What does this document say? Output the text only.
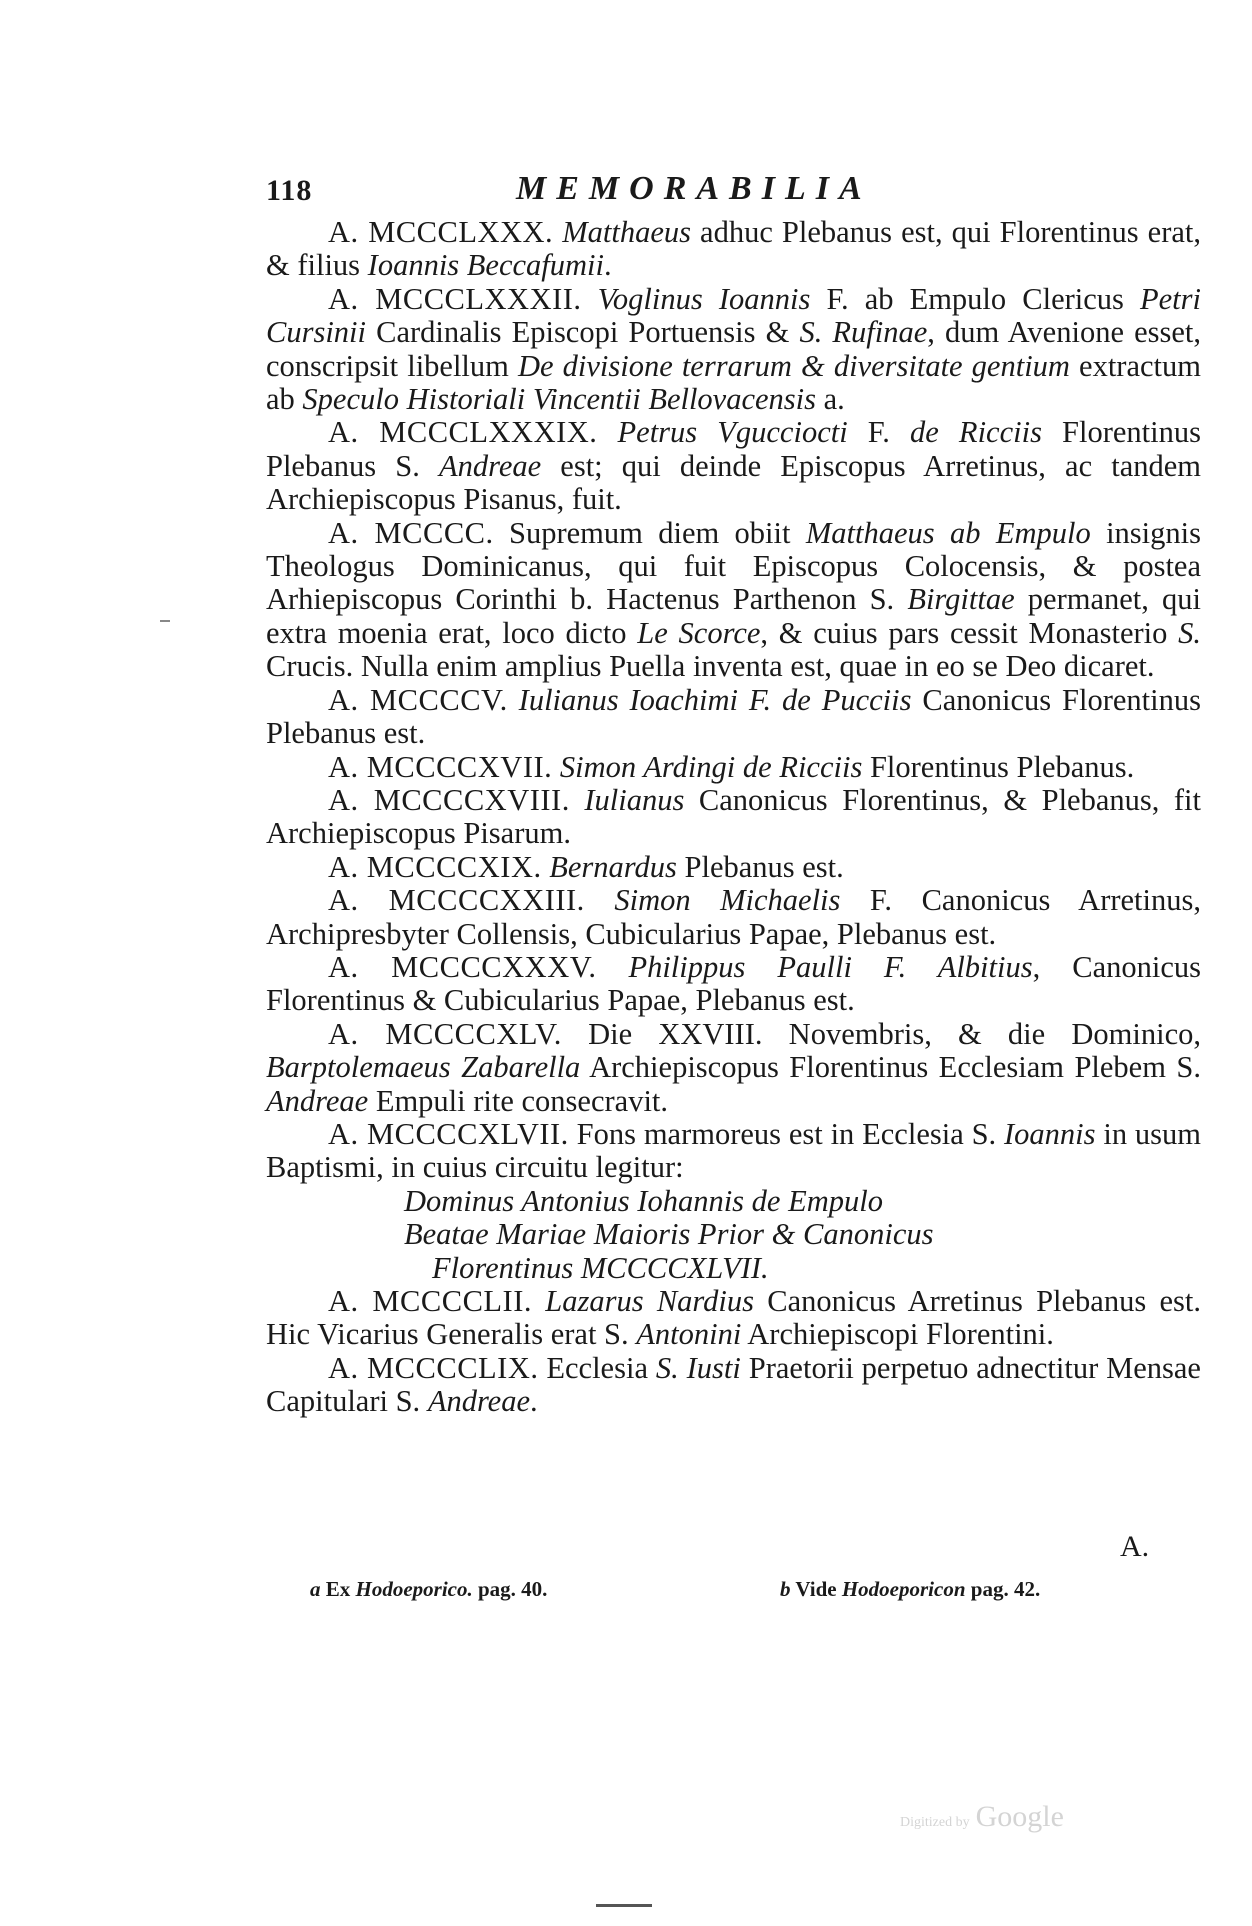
118	MEMORABILIA

A. MCCCLXXX. Matthaeus adhuc Plebanus est, qui Florentinus erat, & filius Ioannis Beccafumii.

A. MCCCLXXXII. Voglinus Ioannis F. ab Empulo Clericus Petri Cursinii Cardinalis Episcopi Portuensis & S. Rufinae, dum Avenione esset, conscripsit libellum De divisione terrarum & diversitate gentium extractum ab Speculo Historiali Vincentii Bellovacensis a.

A. MCCCLXXXIX. Petrus Vgucciocti F. de Ricciis Florentinus Plebanus S. Andreae est; qui deinde Episcopus Arretinus, ac tandem Archiepiscopus Pisanus, fuit.

A. MCCCC. Supremum diem obiit Matthaeus ab Empulo insignis Theologus Dominicanus, qui fuit Episcopus Colocensis, & postea Arhiepiscopus Corinthi b. Hactenus Parthenon S. Birgittae permanet, qui extra moenia erat, loco dicto Le Scorce, & cuius pars cessit Monasterio S. Crucis. Nulla enim amplius Puella inventa est, quae in eo se Deo dicaret.

A. MCCCCV. Iulianus Ioachimi F. de Pucciis Canonicus Florentinus Plebanus est.

A. MCCCCXVII. Simon Ardingi de Ricciis Florentinus Plebanus.

A. MCCCCXVIII. Iulianus Canonicus Florentinus, & Plebanus, fit Archiepiscopus Pisarum.

A. MCCCCXIX. Bernardus Plebanus est.

A. MCCCCXXIII. Simon Michaelis F. Canonicus Arretinus, Archipresbyter Collensis, Cubicularius Papae, Plebanus est.

A. MCCCCXXXV. Philippus Paulli F. Albitius, Canonicus Florentinus & Cubicularius Papae, Plebanus est.

A. MCCCCXLV. Die XXVIII. Novembris, & die Dominico, Barptolemaeus Zabarella Archiepiscopus Florentinus Ecclesiam Plebem S. Andreae Empuli rite consecravit.

A. MCCCCXLVII. Fons marmoreus est in Ecclesia S. Ioannis in usum Baptismi, in cuius circuitu legitur:

Dominus Antonius Iohannis de Empulo
Beatae Mariae Maioris Prior & Canonicus
Florentinus MCCCCXLVII.

A. MCCCCLII. Lazarus Nardius Canonicus Arretinus Plebanus est. Hic Vicarius Generalis erat S. Antonini Archiepiscopi Florentini.

A. MCCCCLIX. Ecclesia S. Iusti Praetorii perpetuo adnectitur Mensae Capitulari S. Andreae.

A.
a Ex Hodoeporico. pag. 40.	b Vide Hodoeporicon pag. 42.
Digitized by Google
